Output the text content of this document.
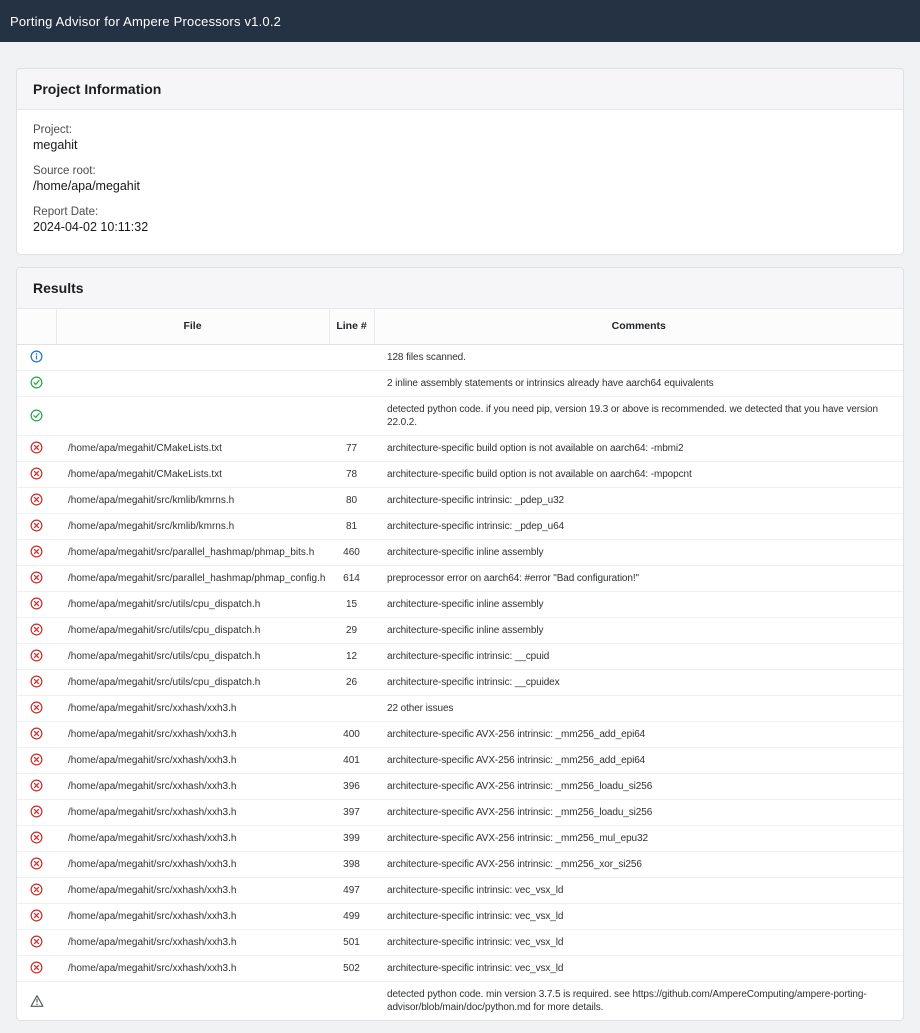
Porting Advisor for Ampere Processors v1.0.2
Project Information
Project:
megahit
Source root:
/home/apa/megahit
Report Date:
2024-04-02 10:11:32
Results
	File	Line #	Comments
			128 files scanned.
			2 inline assembly statements or intrinsics already have aarch64 equivalents
			detected python code. if you need pip, version 19.3 or above is recommended. we detected that you have version 22.0.2.
	/home/apa/megahit/CMakeLists.txt	77	architecture-specific build option is not available on aarch64: -mbmi2
	/home/apa/megahit/CMakeLists.txt	78	architecture-specific build option is not available on aarch64: -mpopcnt
	/home/apa/megahit/src/kmlib/kmrns.h	80	architecture-specific intrinsic: _pdep_u32
	/home/apa/megahit/src/kmlib/kmrns.h	81	architecture-specific intrinsic: _pdep_u64
	/home/apa/megahit/src/parallel_hashmap/phmap_bits.h	460	architecture-specific inline assembly
	/home/apa/megahit/src/parallel_hashmap/phmap_config.h	614	preprocessor error on aarch64: #error "Bad configuration!"
	/home/apa/megahit/src/utils/cpu_dispatch.h	15	architecture-specific inline assembly
	/home/apa/megahit/src/utils/cpu_dispatch.h	29	architecture-specific inline assembly
	/home/apa/megahit/src/utils/cpu_dispatch.h	12	architecture-specific intrinsic: __cpuid
	/home/apa/megahit/src/utils/cpu_dispatch.h	26	architecture-specific intrinsic: __cpuidex
	/home/apa/megahit/src/xxhash/xxh3.h		22 other issues
	/home/apa/megahit/src/xxhash/xxh3.h	400	architecture-specific AVX-256 intrinsic: _mm256_add_epi64
	/home/apa/megahit/src/xxhash/xxh3.h	401	architecture-specific AVX-256 intrinsic: _mm256_add_epi64
	/home/apa/megahit/src/xxhash/xxh3.h	396	architecture-specific AVX-256 intrinsic: _mm256_loadu_si256
	/home/apa/megahit/src/xxhash/xxh3.h	397	architecture-specific AVX-256 intrinsic: _mm256_loadu_si256
	/home/apa/megahit/src/xxhash/xxh3.h	399	architecture-specific AVX-256 intrinsic: _mm256_mul_epu32
	/home/apa/megahit/src/xxhash/xxh3.h	398	architecture-specific AVX-256 intrinsic: _mm256_xor_si256
	/home/apa/megahit/src/xxhash/xxh3.h	497	architecture-specific intrinsic: vec_vsx_ld
	/home/apa/megahit/src/xxhash/xxh3.h	499	architecture-specific intrinsic: vec_vsx_ld
	/home/apa/megahit/src/xxhash/xxh3.h	501	architecture-specific intrinsic: vec_vsx_ld
	/home/apa/megahit/src/xxhash/xxh3.h	502	architecture-specific intrinsic: vec_vsx_ld
			detected python code. min version 3.7.5 is required. see https://github.com/AmpereComputing/ampere-porting-advisor/blob/main/doc/python.md for more details.
